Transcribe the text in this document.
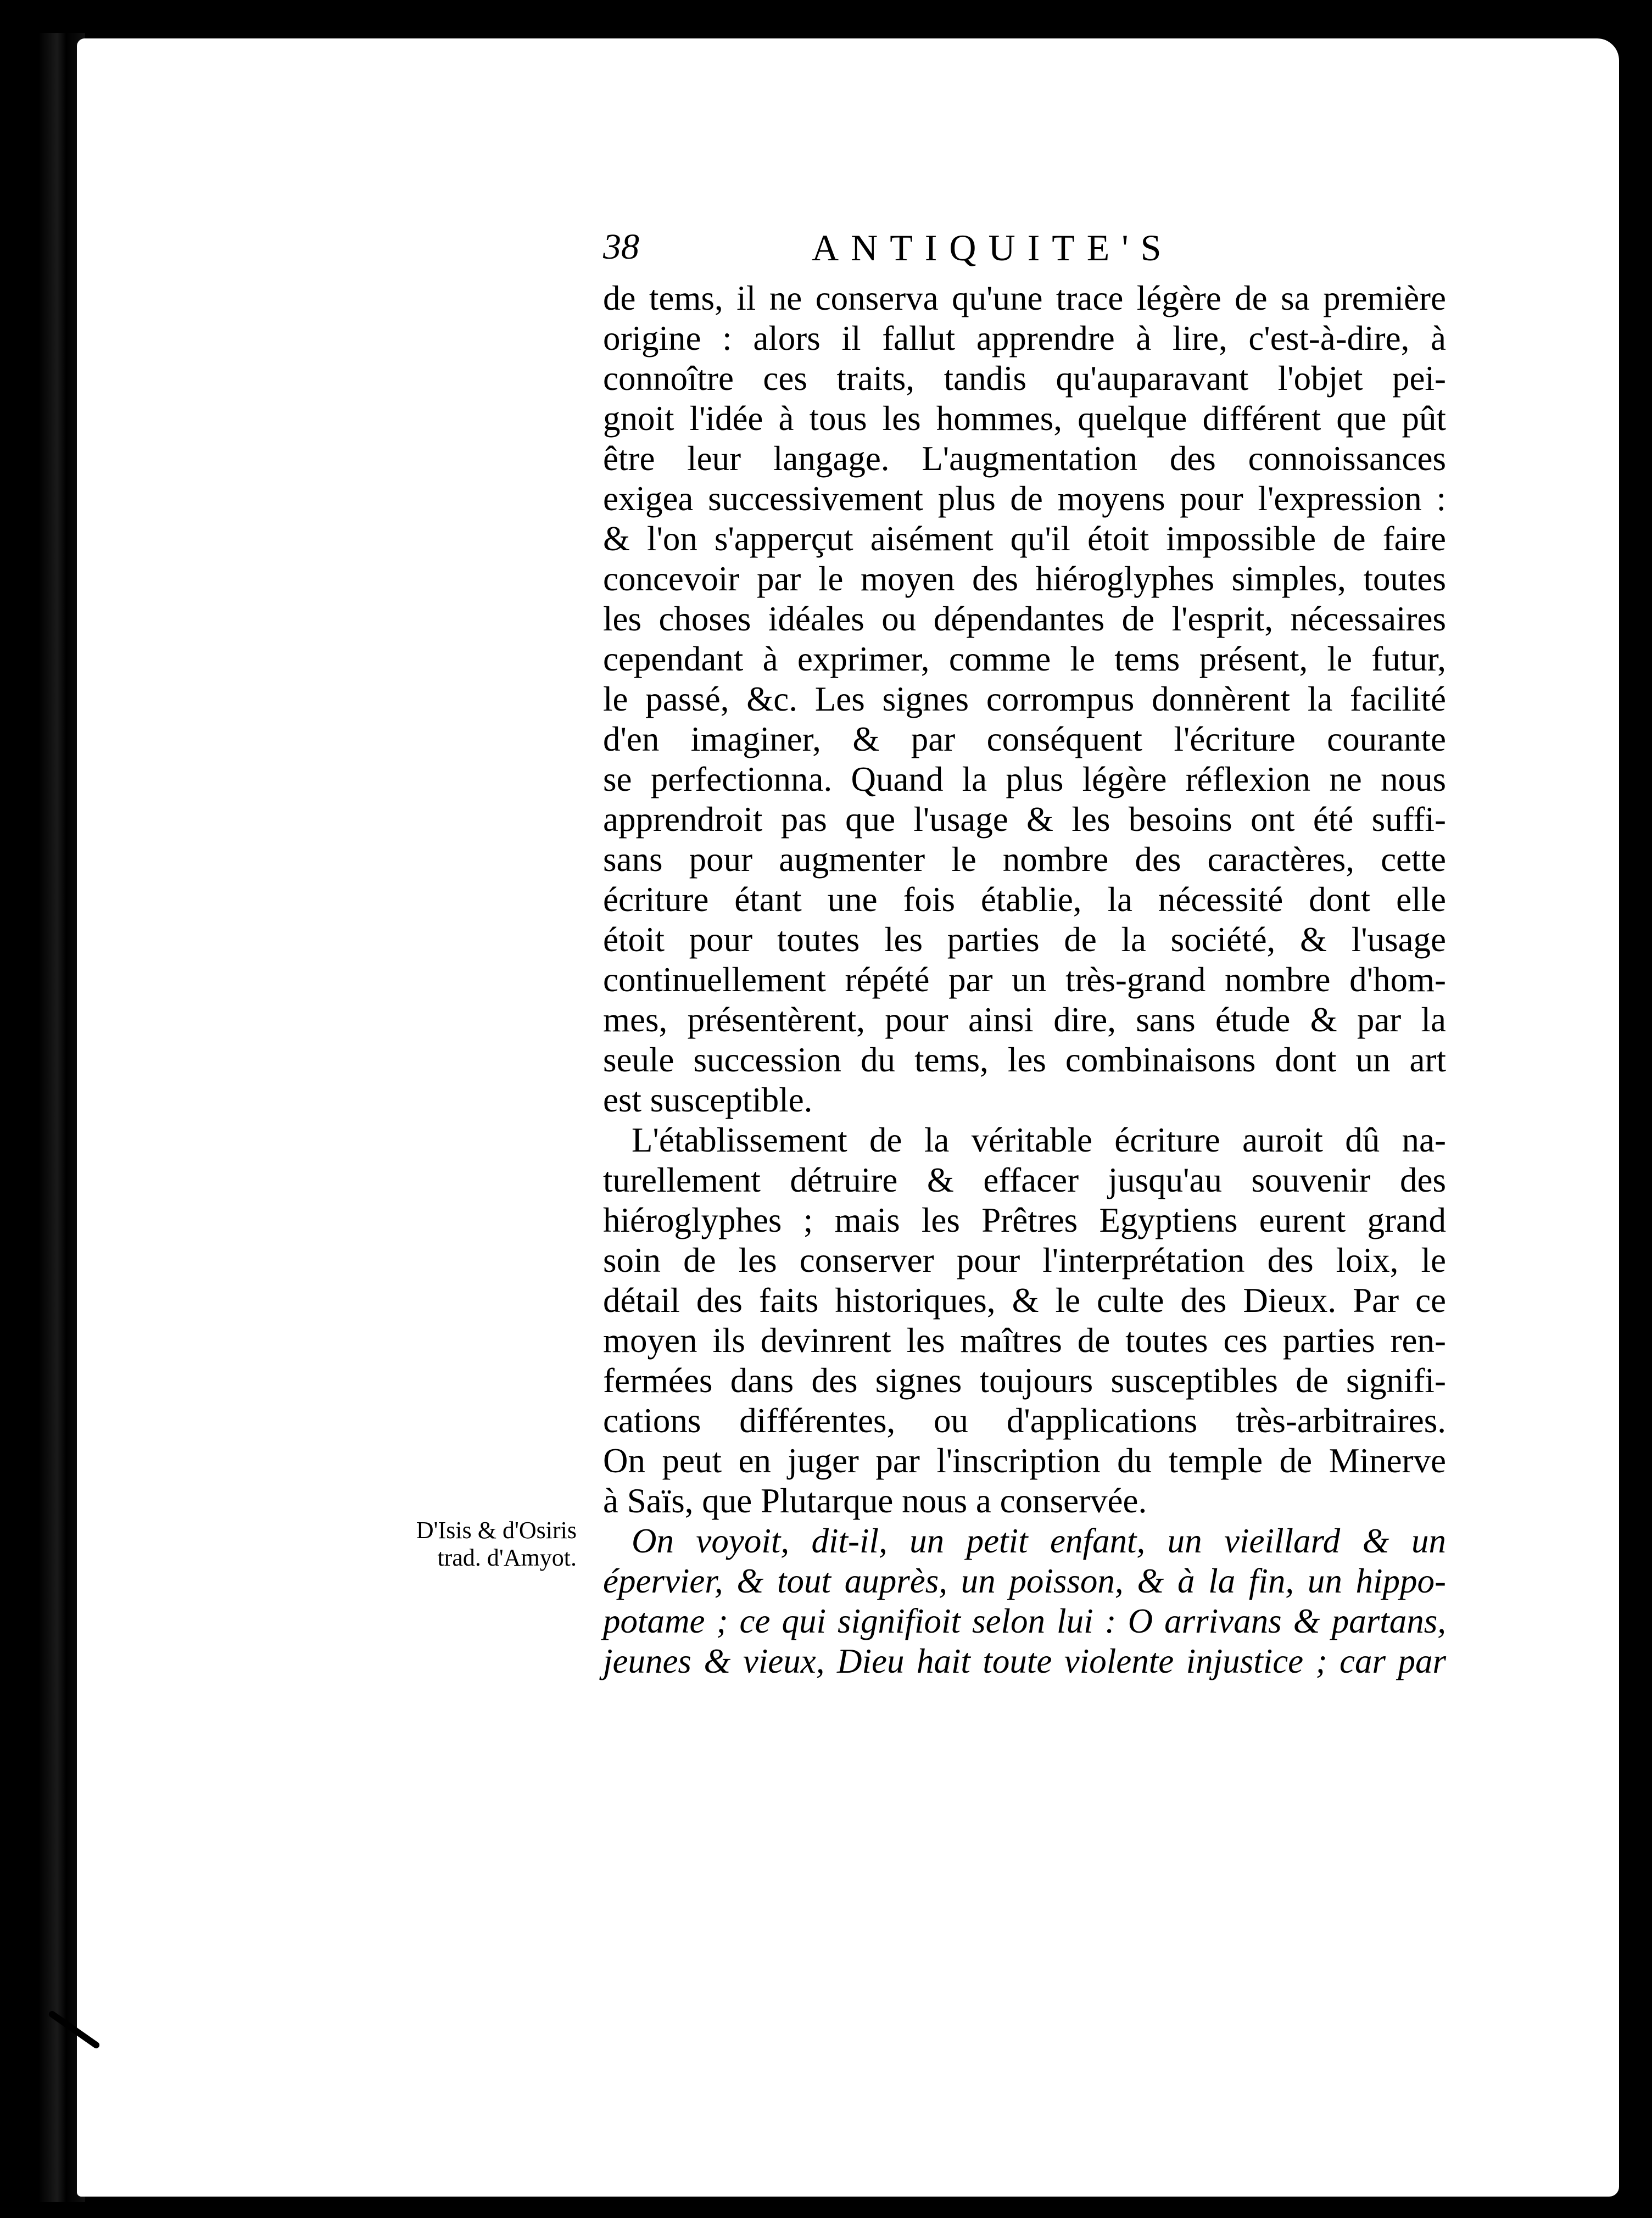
38	ANTIQUITE'S
de tems, il ne conserva qu'une trace légère de sa première
origine : alors il fallut apprendre à lire, c'est-à-dire, à
connoître ces traits, tandis qu'auparavant l'objet pei-
gnoit l'idée à tous les hommes, quelque différent que pût
être leur langage. L'augmentation des connoissances
exigea successivement plus de moyens pour l'expression :
& l'on s'apperçut aisément qu'il étoit impossible de faire
concevoir par le moyen des hiéroglyphes simples, toutes
les choses idéales ou dépendantes de l'esprit, nécessaires
cependant à exprimer, comme le tems présent, le futur,
le passé, &c. Les signes corrompus donnèrent la facilité
d'en imaginer, & par conséquent l'écriture courante
se perfectionna. Quand la plus légère réflexion ne nous
apprendroit pas que l'usage & les besoins ont été suffi-
sans pour augmenter le nombre des caractères, cette
écriture étant une fois établie, la nécessité dont elle
étoit pour toutes les parties de la société, & l'usage
continuellement répété par un très-grand nombre d'hom-
mes, présentèrent, pour ainsi dire, sans étude & par la
seule succession du tems, les combinaisons dont un art
est susceptible.
L'établissement de la véritable écriture auroit dû na-
turellement détruire & effacer jusqu'au souvenir des
hiéroglyphes ; mais les Prêtres Egyptiens eurent grand
soin de les conserver pour l'interprétation des loix, le
détail des faits historiques, & le culte des Dieux. Par ce
moyen ils devinrent les maîtres de toutes ces parties ren-
fermées dans des signes toujours susceptibles de signifi-
cations différentes, ou d'applications très-arbitraires.
On peut en juger par l'inscription du temple de Minerve
à Saïs, que Plutarque nous a conservée.
On voyoit, dit-il, un petit enfant, un vieillard & un
épervier, & tout auprès, un poisson, & à la fin, un hippo-
potame ; ce qui signifioit selon lui : O arrivans & partans,
jeunes & vieux, Dieu hait toute violente injustice ; car par
D'Isis & d'Osiris
trad. d'Amyot.
